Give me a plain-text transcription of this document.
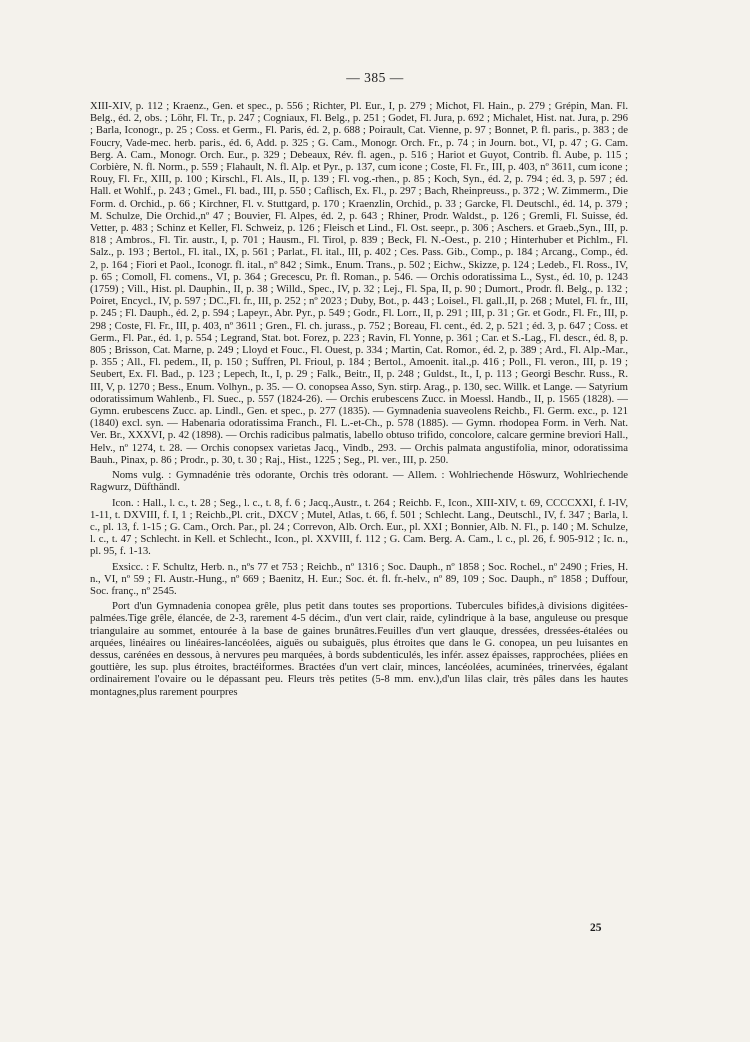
— 385 —

XIII-XIV, p. 112 ; Kraenz., Gen. et spec., p. 556 ; Richter, Pl. Eur., I, p. 279 ; Michot, Fl. Hain., p. 279 ; Grépin, Man. Fl. Belg., éd. 2, obs. ; Löhr, Fl. Tr., p. 247 ; Cogniaux, Fl. Belg., p. 251 ; Godet, Fl. Jura, p. 692 ; Michalet, Hist. nat. Jura, p. 296 ; Barla, Iconogr., p. 25 ; Coss. et Germ., Fl. Paris, éd. 2, p. 688 ; Poirault, Cat. Vienne, p. 97 ; Bonnet, P. fl. paris., p. 383 ; de Foucry, Vade-mec. herb. paris., éd. 6, Add. p. 325 ; G. Cam., Monogr. Orch. Fr., p. 74 ; in Journ. bot., VI, p. 47 ; G. Cam. Berg. A. Cam., Monogr. Orch. Eur., p. 329 ; Debeaux, Rév. fl. agen., p. 516 ; Hariot et Guyot, Contrib. fl. Aube, p. 115 ; Corbière, N. fl. Norm., p. 559 ; Flahault, N. fl. Alp. et Pyr., p. 137, cum icone ; Coste, Fl. Fr., III, p. 403, nº 3611, cum icone ; Rouy, Fl. Fr., XIII, p. 100 ; Kirschl., Fl. Als., II, p. 139 ; Fl. vog.-rhen., p. 85 ; Koch, Syn., éd. 2, p. 794 ; éd. 3, p. 597 ; éd. Hall. et Wohlf., p. 243 ; Gmel., Fl. bad., III, p. 550 ; Caflisch, Ex. Fl., p. 297 ; Bach, Rheinpreuss., p. 372 ; W. Zimmerm., Die Form. d. Orchid., p. 66 ; Kirchner, Fl. v. Stuttgard, p. 170 ; Kraenzlin, Orchid., p. 33 ; Garcke, Fl. Deutschl., éd. 14, p. 379 ; M. Schulze, Die Orchid.,nº 47 ; Bouvier, Fl. Alpes, éd. 2, p. 643 ; Rhiner, Prodr. Waldst., p. 126 ; Gremli, Fl. Suisse, éd. Vetter, p. 483 ; Schinz et Keller, Fl. Schweiz, p. 126 ; Fleisch et Lind., Fl. Ost. seepr., p. 306 ; Aschers. et Graeb.,Syn., III, p. 818 ; Ambros., Fl. Tir. austr., I, p. 701 ; Hausm., Fl. Tirol, p. 839 ; Beck, Fl. N.-Oest., p. 210 ; Hinterhuber et Pichlm., Fl. Salz., p. 193 ; Bertol., Fl. ital., IX, p. 561 ; Parlat., Fl. ital., III, p. 402 ; Ces. Pass. Gib., Comp., p. 184 ; Arcang., Comp., éd. 2, p. 164 ; Fiori et Paol., Iconogr. fl. ital., nº 842 ; Simk., Enum. Trans., p. 502 ; Eichw., Skizze, p. 124 ; Ledeb., Fl. Ross., IV, p. 65 ; Comoll, Fl. comens., VI, p. 364 ; Grecescu, Pr. fl. Roman., p. 546. — Orchis odoratissima L., Syst., éd. 10, p. 1243 (1759) ; Vill., Hist. pl. Dauphin., II, p. 38 ; Willd., Spec., IV, p. 32 ; Lej., Fl. Spa, II, p. 90 ; Dumort., Prodr. fl. Belg., p. 132 ; Poiret, Encycl., IV, p. 597 ; DC.,Fl. fr., III, p. 252 ; nº 2023 ; Duby, Bot., p. 443 ; Loisel., Fl. gall.,II, p. 268 ; Mutel, Fl. fr., III, p. 245 ; Fl. Dauph., éd. 2, p. 594 ; Lapeyr., Abr. Pyr., p. 549 ; Godr., Fl. Lorr., II, p. 291 ; III, p. 31 ; Gr. et Godr., Fl. Fr., III, p. 298 ; Coste, Fl. Fr., III, p. 403, nº 3611 ; Gren., Fl. ch. jurass., p. 752 ; Boreau, Fl. cent., éd. 2, p. 521 ; éd. 3, p. 647 ; Coss. et Germ., Fl. Par., éd. 1, p. 554 ; Legrand, Stat. bot. Forez, p. 223 ; Ravin, Fl. Yonne, p. 361 ; Car. et S.-Lag., Fl. descr., éd. 8, p. 805 ; Brisson, Cat. Marne, p. 249 ; Lloyd et Fouc., Fl. Ouest, p. 334 ; Martin, Cat. Romor., éd. 2, p. 389 ; Ard., Fl. Alp.-Mar., p. 355 ; All., Fl. pedem., II, p. 150 ; Suffren, Pl. Frioul, p. 184 ; Bertol., Amoenit. ital.,p. 416 ; Poll., Fl. veron., III, p. 19 ; Seubert, Ex. Fl. Bad., p. 123 ; Lepech, It., I, p. 29 ; Falk., Beitr., II, p. 248 ; Guldst., It., I, p. 113 ; Georgi Beschr. Russ., R. III, V, p. 1270 ; Bess., Enum. Volhyn., p. 35. — O. conopsea Asso, Syn. stirp. Arag., p. 130, sec. Willk. et Lange. — Satyrium odoratissimum Wahlenb., Fl. Suec., p. 557 (1824-26). — Orchis erubescens Zucc. in Moessl. Handb., II, p. 1565 (1828). — Gymn. erubescens Zucc. ap. Lindl., Gen. et spec., p. 277 (1835). — Gymnadenia suaveolens Reichb., Fl. Germ. exc., p. 121 (1840) excl. syn. — Habenaria odoratissima Franch., Fl. L.-et-Ch., p. 578 (1885). — Gymn. rhodopea Form. in Verh. Nat. Ver. Br., XXXVI, p. 42 (1898). — Orchis radicibus palmatis, labello obtuso trifido, concolore, calcare germine breviori Hall., Helv., nº 1274, t. 28. — Orchis conopsex varietas Jacq., Vindb., 293. — Orchis palmata angustifolia, minor, odoratissima Bauh., Pinax, p. 86 ; Prodr., p. 30, t. 30 ; Raj., Hist., 1225 ; Seg., Pl. ver., III, p. 250.

Noms vulg. : Gymnadénie très odorante, Orchis très odorant. — Allem. : Wohlriechende Höswurz, Wohlriechende Ragwurz, Düfthändl.

Icon. : Hall., l. c., t. 28 ; Seg., l. c., t. 8, f. 6 ; Jacq.,Austr., t. 264 ; Reichb. F., Icon., XIII-XIV, t. 69, CCCCXXI, f. I-IV, 1-11, t. DXVIII, f. I, 1 ; Reichb.,Pl. crit., DXCV ; Mutel, Atlas, t. 66, f. 501 ; Schlecht. Lang., Deutschl., IV, f. 347 ; Barla, l. c., pl. 13, f. 1-15 ; G. Cam., Orch. Par., pl. 24 ; Correvon, Alb. Orch. Eur., pl. XXI ; Bonnier, Alb. N. Fl., p. 140 ; M. Schulze, l. c., t. 47 ; Schlecht. in Kell. et Schlecht., Icon., pl. XXVIII, f. 112 ; G. Cam. Berg. A. Cam., l. c., pl. 26, f. 905-912 ; Ic. n., pl. 95, f. 1-13.

Exsicc. : F. Schultz, Herb. n., nºs 77 et 753 ; Reichb., nº 1316 ; Soc. Dauph., nº 1858 ; Soc. Rochel., nº 2490 ; Fries, H. n., VI, nº 59 ; Fl. Austr.-Hung., nº 669 ; Baenitz, H. Eur.; Soc. ét. fl. fr.-helv., nº 89, 109 ; Soc. Dauph., nº 1858 ; Duffour, Soc. franç., nº 2545.

Port d'un Gymnadenia conopea grêle, plus petit dans toutes ses proportions. Tubercules bifides,à divisions digitées-palmées.Tige grêle, élancée, de 2-3, rarement 4-5 décim., d'un vert clair, raide, cylindrique à la base, anguleuse ou presque triangulaire au sommet, entourée à la base de gaines brunâtres.Feuilles d'un vert glauque, dressées, dressées-étalées ou arquées, linéaires ou linéaires-lancéolées, aiguës ou subaiguës, plus étroites que dans le G. conopea, un peu luisantes en dessus, carénées en dessous, à nervures peu marquées, à bords subdenticulés, les infér. assez épaisses, rapprochées, pliées en gouttière, les sup. plus étroites, bractéiformes. Bractées d'un vert clair, minces, lancéolées, acuminées, trinervées, égalant ordinairement l'ovaire ou le dépassant peu. Fleurs très petites (5-8 mm. env.),d'un lilas clair, très pâles dans les hautes montagnes,plus rarement pourpres

25
